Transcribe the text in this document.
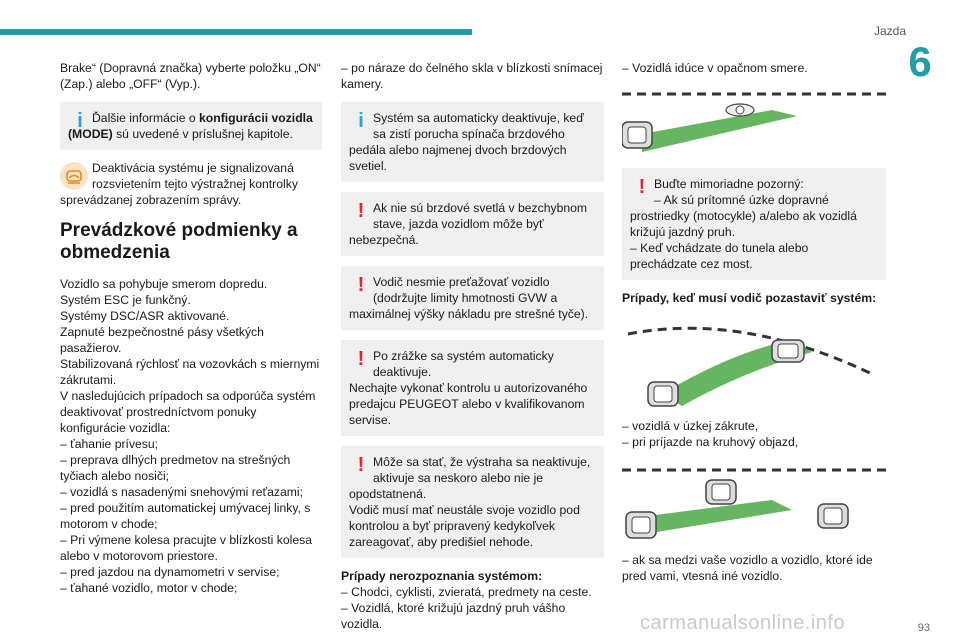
Jazda
6

Brake“ (Dopravná značka) vyberte položku „ON“ (Zap.) alebo „OFF“ (Vyp.).

i Ďalšie informácie o konfigurácii vozidla (MODE) sú uvedené v príslušnej kapitole.

Deaktivácia systému je signalizovaná rozsvietením tejto výstražnej kontrolky

sprevádzanej zobrazením správy.

Prevádzkové podmienky a obmedzenia

Vozidlo sa pohybuje smerom dopredu.

Systém ESC je funkčný.

Systémy DSC/ASR aktivované.

Zapnuté bezpečnostné pásy všetkých pasažierov.

Stabilizovaná rýchlosť na vozovkách s miernymi zákrutami.

V nasledujúcich prípadoch sa odporúča systém deaktivovať prostredníctvom ponuky konfigurácie vozidla:

– ťahanie prívesu;

– preprava dlhých predmetov na strešných tyčiach alebo nosiči;

– vozidlá s nasadenými snehovými reťazami;

– pred použitím automatickej umývacej linky, s motorom v chode;

– Pri výmene kolesa pracujte v blízkosti kolesa alebo v motorovom priestore.

– pred jazdou na dynamometri v servise;

– ťahané vozidlo, motor v chode;

– po náraze do čelného skla v blízkosti snímacej kamery.

i Systém sa automaticky deaktivuje, keď sa zistí porucha spínača brzdového

pedála alebo najmenej dvoch brzdových svetiel.

! Ak nie sú brzdové svetlá v bezchybnom stave, jazda vozidlom môže byť

nebezpečná.

! Vodič nesmie preťažovať vozidlo (dodržujte limity hmotnosti GVW a

maximálnej výšky nákladu pre strešné tyče).

! Po zrážke sa systém automaticky deaktivuje.

Nechajte vykonať kontrolu u autorizovaného predajcu PEUGEOT alebo v kvalifikovanom servise.

! Môže sa stať, že výstraha sa neaktivuje, aktivuje sa neskoro alebo nie je

opodstatnená.

Vodič musí mať neustále svoje vozidlo pod kontrolou a byť pripravený kedykoľvek zareagovať, aby predišiel nehode.

Prípady nerozpoznania systémom:

– Chodci, cyklisti, zvieratá, predmety na ceste.

– Vozidlá, ktoré križujú jazdný pruh vášho vozidla.

– Vozidlá idúce v opačnom smere.

! Buďte mimoriadne pozorný:

– Ak sú prítomné úzke dopravné

prostriedky (motocykle) a/alebo ak vozidlá križujú jazdný pruh.

– Keď vchádzate do tunela alebo prechádzate cez most.

Prípady, keď musí vodič pozastaviť systém:

– vozidlá v úzkej zákrute,

– pri príjazde na kruhový objazd,

– ak sa medzi vaše vozidlo a vozidlo, ktoré ide pred vami, vtesná iné vozidlo.

carmanualsonline.info	93
